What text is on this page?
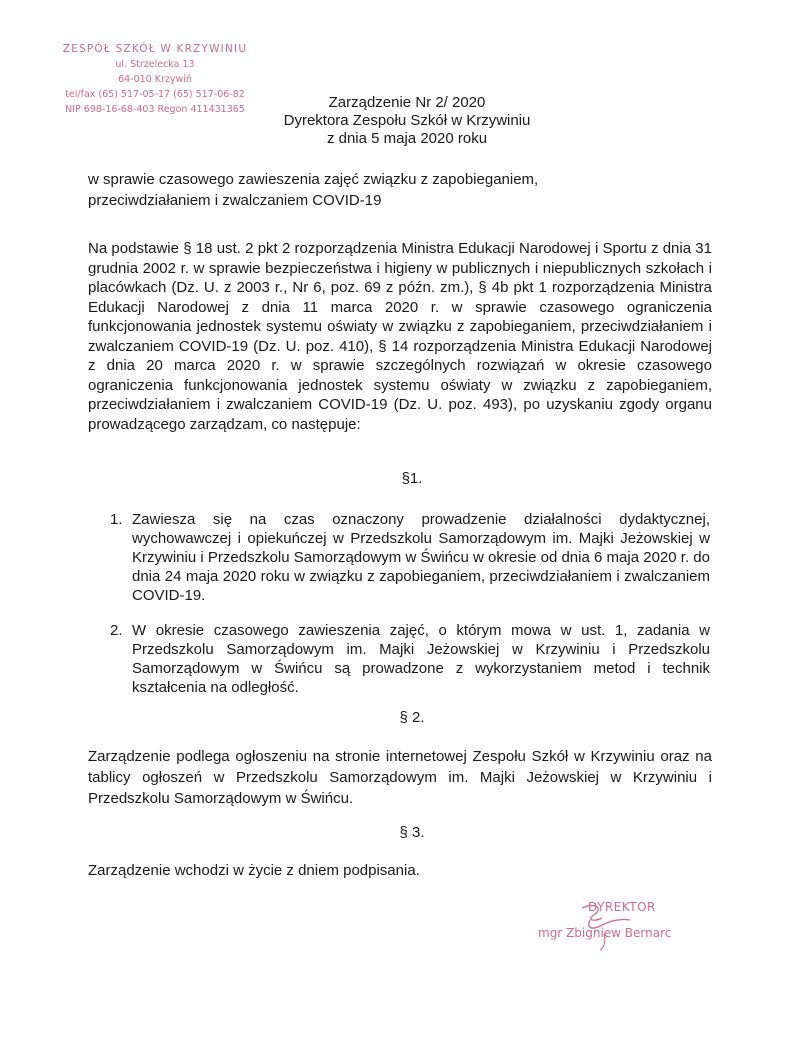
ZESPÓŁ SZKÓŁ W KRZYWINIU
ul. Strzelecka 13
64-010 Krzywiń
tel/fax (65) 517-05-17 (65) 517-06-82
NIP 698-16-68-403 Regon 411431365	Zarządzenie Nr 2/ 2020
Dyrektora Zespołu Szkół w Krzywiniu
z dnia 5 maja 2020 roku
w sprawie czasowego zawieszenia zajęć związku z zapobieganiem,
przeciwdziałaniem i zwalczaniem COVID-19
Na podstawie § 18 ust. 2 pkt 2 rozporządzenia Ministra Edukacji Narodowej i Sportu z dnia 31 grudnia 2002 r. w sprawie bezpieczeństwa i higieny w publicznych i niepublicznych szkołach i placówkach (Dz. U. z 2003 r., Nr 6, poz. 69 z późn. zm.), § 4b pkt 1 rozporządzenia Ministra Edukacji Narodowej z dnia 11 marca 2020 r. w sprawie czasowego ograniczenia funkcjonowania jednostek systemu oświaty w związku z zapobieganiem, przeciwdziałaniem i zwalczaniem COVID-19 (Dz. U. poz. 410), § 14 rozporządzenia Ministra Edukacji Narodowej z dnia 20 marca 2020 r. w sprawie szczególnych rozwiązań w okresie czasowego ograniczenia funkcjonowania jednostek systemu oświaty w związku z zapobieganiem, przeciwdziałaniem i zwalczaniem COVID-19 (Dz. U. poz. 493), po uzyskaniu zgody organu prowadzącego zarządzam, co następuje:
§1.
1. Zawiesza się na czas oznaczony prowadzenie działalności dydaktycznej, wychowawczej i opiekuńczej w Przedszkolu Samorządowym im. Majki Jeżowskiej w Krzywiniu i Przedszkolu Samorządowym w Świńcu w okresie od dnia 6 maja 2020 r. do dnia 24 maja 2020 roku w związku z zapobieganiem, przeciwdziałaniem i zwalczaniem COVID-19.
2. W okresie czasowego zawieszenia zajęć, o którym mowa w ust. 1, zadania w Przedszkolu Samorządowym im. Majki Jeżowskiej w Krzywiniu i Przedszkolu Samorządowym w Świńcu są prowadzone z wykorzystaniem metod i technik kształcenia na odległość.
§ 2.
Zarządzenie podlega ogłoszeniu na stronie internetowej Zespołu Szkół w Krzywiniu oraz na tablicy ogłoszeń w Przedszkolu Samorządowym im. Majki Jeżowskiej w Krzywiniu i Przedszkolu Samorządowym w Świńcu.
§ 3.
Zarządzenie wchodzi w życie z dniem podpisania.
DYREKTOR
mgr Zbigniew Bernarc
